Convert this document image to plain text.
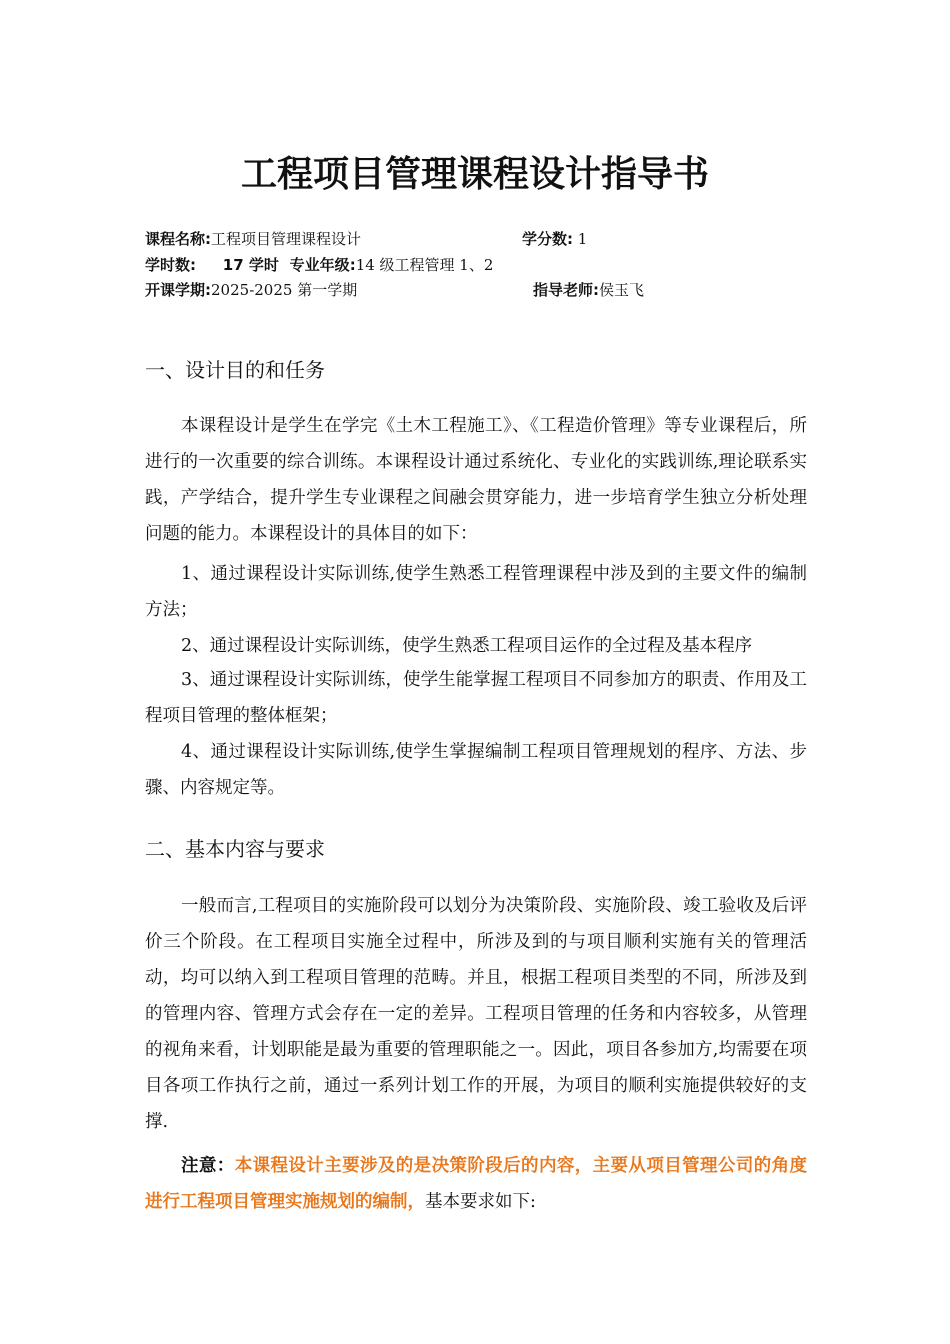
工程项目管理课程设计指导书
课程名称:工程项目管理课程设计	学分数: 1
学时数: 17 学时 专业年级:14 级工程管理 1、2
开课学期:2025-2025 第一学期	指导老师:侯玉飞
一、设计目的和任务

本课程设计是学生在学完《土木工程施工》、《工程造价管理》等专业课程后，所进行的一次重要的综合训练。本课程设计通过系统化、专业化的实践训练,理论联系实践，产学结合，提升学生专业课程之间融会贯穿能力，进一步培育学生独立分析处理问题的能力。本课程设计的具体目的如下：

1、通过课程设计实际训练,使学生熟悉工程管理课程中涉及到的主要文件的编制方法；

2、通过课程设计实际训练，使学生熟悉工程项目运作的全过程及基本程序

3、通过课程设计实际训练，使学生能掌握工程项目不同参加方的职责、作用及工程项目管理的整体框架；

4、通过课程设计实际训练,使学生掌握编制工程项目管理规划的程序、方法、步骤、内容规定等。

二、基本内容与要求

一般而言,工程项目的实施阶段可以划分为决策阶段、实施阶段、竣工验收及后评价三个阶段。在工程项目实施全过程中，所涉及到的与项目顺利实施有关的管理活动，均可以纳入到工程项目管理的范畴。并且，根据工程项目类型的不同，所涉及到的管理内容、管理方式会存在一定的差异。工程项目管理的任务和内容较多，从管理的视角来看，计划职能是最为重要的管理职能之一。因此，项目各参加方,均需要在项目各项工作执行之前，通过一系列计划工作的开展，为项目的顺利实施提供较好的支撑.

注意：本课程设计主要涉及的是决策阶段后的内容，主要从项目管理公司的角度进行工程项目管理实施规划的编制，基本要求如下:
